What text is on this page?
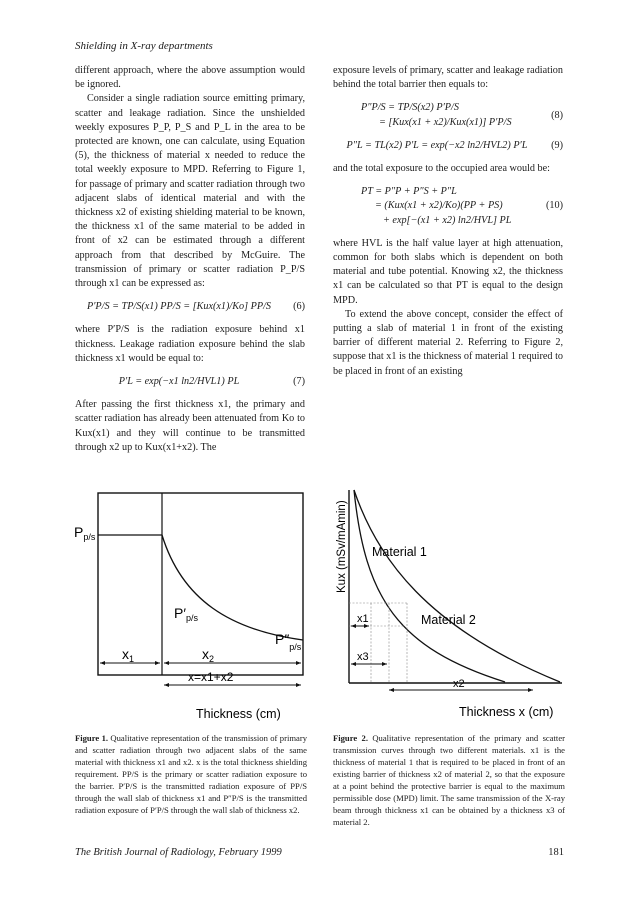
Shielding in X-ray departments

different approach, where the above assumption would be ignored.

Consider a single radiation source emitting primary, scatter and leakage radiation. Since the unshielded weekly exposures P_P, P_S and P_L in the area to be protected are known, one can calculate, using Equation (5), the thickness of material x needed to reduce the total weekly exposure to MPD. Referring to Figure 1, for passage of primary and scatter radiation through two adjacent slabs of identical material and with the thickness x2 of existing shielding material to be known, the thickness x1 of the same material to be added in front of x2 can be estimated through a different approach from that described by McGuire. The transmission of primary or scatter radiation P_P/S through x1 can be expressed as:

P′P/S = TP/S(x1) PP/S = [Kux(x1)/Ko] PP/S	(6)

where P′P/S is the radiation exposure behind x1 thickness. Leakage radiation exposure behind the slab thickness x1 would be equal to:

P′L = exp(−x1 ln2/HVL1) PL	(7)

After passing the first thickness x1, the primary and scatter radiation has already been attenuated from Ko to Kux(x1) and they will continue to be transmitted through x2 up to Kux(x1+x2). The

exposure levels of primary, scatter and leakage radiation behind the total barrier then equals to:

P″P/S = TP/S(x2) P′P/S
= [Kux(x1 + x2)/Kux(x1)] P′P/S
(8)
P″L = TL(x2) P′L = exp(−x2 ln2/HVL2) P′L	(9)

and the total exposure to the occupied area would be:

PT = P″P + P″S + P″L
= (Kux(x1 + x2)/Ko)(PP + PS)
+ exp[−(x1 + x2) ln2/HVL] PL
(10)

where HVL is the half value layer at high attenuation, common for both slabs which is dependent on both material and tube potential. Knowing x2, the thickness x1 can be calculated so that PT is equal to the design MPD.

To extend the above concept, consider the effect of putting a slab of material 1 in front of the existing barrier of different material 2. Referring to Figure 2, suppose that x1 is the thickness of material 1 required to be placed in front of an existing

$P_{p/s}$
$P'_{p/s}$
$P''_{p/s}$
$x_1$	$x_2$
x=x1+x2
Thickness (cm)
Figure 1. Qualitative representation of the transmission of primary and scatter radiation through two adjacent slabs of the same material with thickness x1 and x2. x is the total thickness shielding requirement. PP/S is the primary or scatter radiation exposure to the barrier. P′P/S is the transmitted radiation exposure of PP/S through the wall slab of thickness x1 and P″P/S is the transmitted radiation exposure of P′P/S through the wall slab of thickness x2.
Kux (mSv/mAmin) Material 1
Material 2
x1
x3
x2
Thickness x (cm)
Figure 2. Qualitative representation of the primary and scatter transmission curves through two different materials. x1 is the thickness of material 1 that is required to be placed in front of an existing barrier of thickness x2 of material 2, so that the exposure at a point behind the protective barrier is equal to the maximum permissible dose (MPD) limit. The same transmission of the X-ray beam through thickness x1 can be obtained by a thickness x3 of material 2.
The British Journal of Radiology, February 1999	181
